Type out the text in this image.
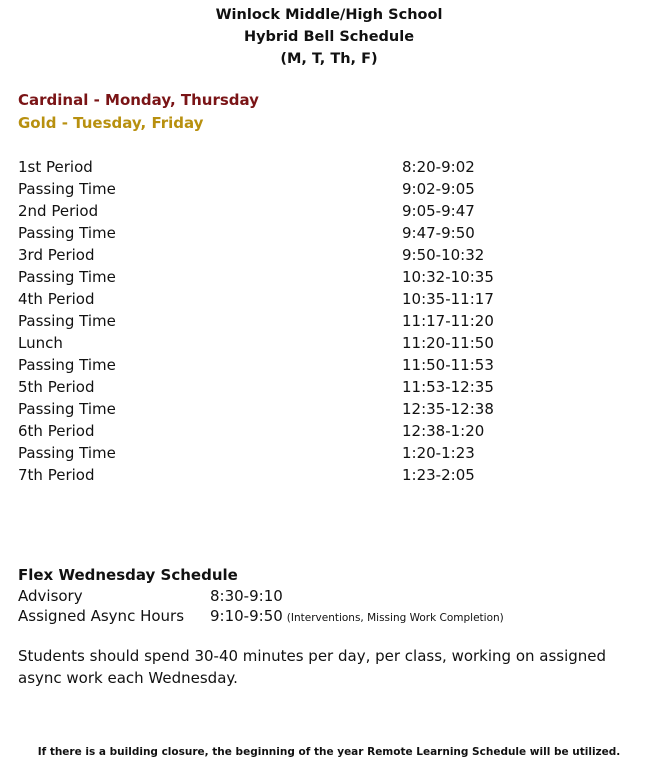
Winlock Middle/High School
Hybrid Bell Schedule
(M, T, Th, F)
Cardinal - Monday, Thursday
Gold - Tuesday, Friday
1st Period	8:20-9:02
Passing Time	9:02-9:05
2nd Period	9:05-9:47
Passing Time	9:47-9:50
3rd Period	9:50-10:32
Passing Time	10:32-10:35
4th Period	10:35-11:17
Passing Time	11:17-11:20
Lunch	11:20-11:50
Passing Time	11:50-11:53
5th Period	11:53-12:35
Passing Time	12:35-12:38
6th Period	12:38-1:20
Passing Time	1:20-1:23
7th Period	1:23-2:05
Flex Wednesday Schedule
Advisory	8:30-9:10
Assigned Async Hours 9:10-9:50 (Interventions, Missing Work Completion)
Students should spend 30-40 minutes per day, per class, working on assigned async work each Wednesday.
If there is a building closure, the beginning of the year Remote Learning Schedule will be utilized.
